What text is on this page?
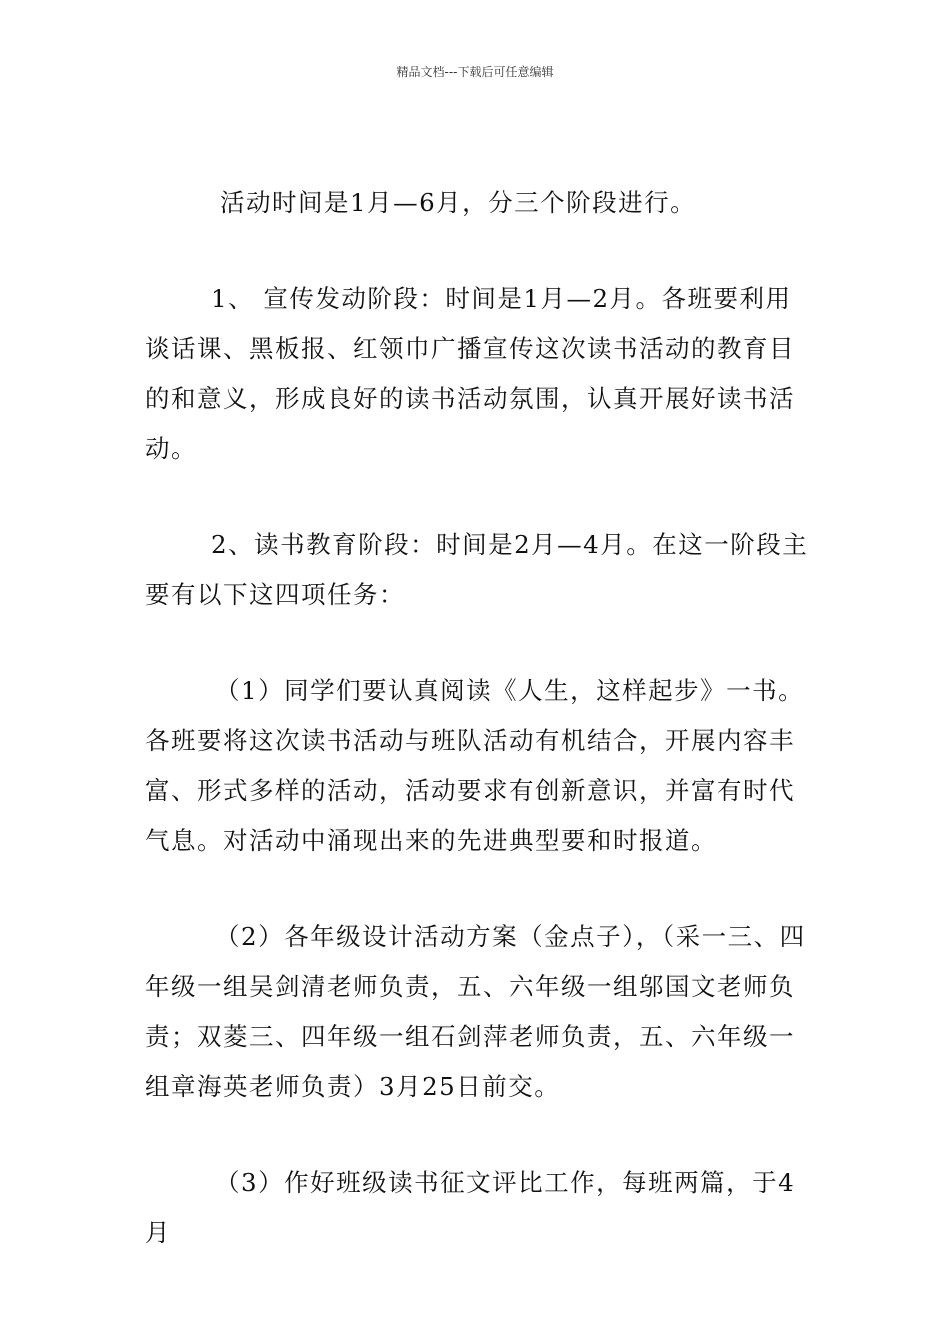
精品文档---下载后可任意编辑

活动时间是1月—6月，分三个阶段进行。

1、 宣传发动阶段：时间是1月—2月。各班要利用谈话课、黑板报、红领巾广播宣传这次读书活动的教育目的和意义，形成良好的读书活动氛围，认真开展好读书活动。

2、读书教育阶段：时间是2月—4月。在这一阶段主要有以下这四项任务：

（1）同学们要认真阅读《人生，这样起步》一书。各班要将这次读书活动与班队活动有机结合，开展内容丰富、形式多样的活动，活动要求有创新意识，并富有时代气息。对活动中涌现出来的先进典型要和时报道。

（2）各年级设计活动方案（金点子），（采一三、四年级一组吴剑清老师负责，五、六年级一组邬国文老师负责；双菱三、四年级一组石剑萍老师负责，五、六年级一组章海英老师负责）3月25日前交。

（3）作好班级读书征文评比工作，每班两篇，于4月
